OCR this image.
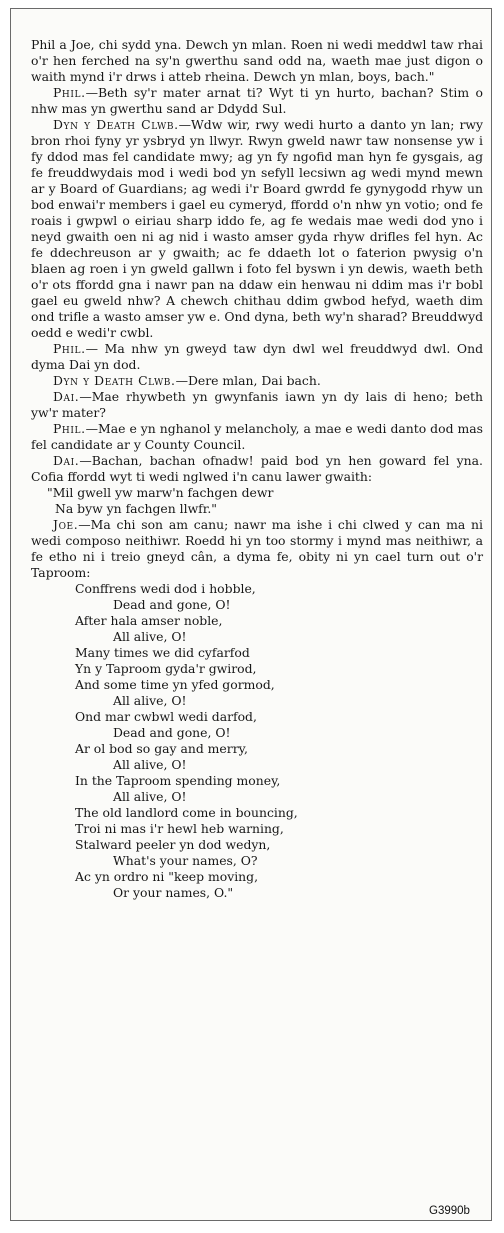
Phil a Joe, chi sydd yna. Dewch yn mlan. Roen ni wedi meddwl taw rhai o'r hen ferched na sy'n gwerthu sand odd na, waeth mae just digon o waith mynd i'r drws i atteb rheina. Dewch yn mlan, boys, bach."

Phil.—Beth sy'r mater arnat ti? Wyt ti yn hurto, bachan? Stim o nhw mas yn gwerthu sand ar Ddydd Sul.

Dyn y Death Clwb.—Wdw wir, rwy wedi hurto a danto yn lan; rwy bron rhoi fyny yr ysbryd yn llwyr. Rwyn gweld nawr taw nonsense yw i fy ddod mas fel candidate mwy; ag yn fy ngofid man hyn fe gysgais, ag fe freuddwydais mod i wedi bod yn sefyll lecsiwn ag wedi mynd mewn ar y Board of Guardians; ag wedi i'r Board gwrdd fe gynygodd rhyw un bod enwai'r members i gael eu cymeryd, ffordd o'n nhw yn votio; ond fe roais i gwpwl o eiriau sharp iddo fe, ag fe wedais mae wedi dod yno i neyd gwaith oen ni ag nid i wasto amser gyda rhyw drifles fel hyn. Ac fe ddechreuson ar y gwaith; ac fe ddaeth lot o faterion pwysig o'n blaen ag roen i yn gweld gallwn i foto fel byswn i yn dewis, waeth beth o'r ots ffordd gna i nawr pan na ddaw ein henwau ni ddim mas i'r bobl gael eu gweld nhw? A chewch chithau ddim gwbod hefyd, waeth dim ond trifle a wasto amser yw e. Ond dyna, beth wy'n sharad? Breuddwyd oedd e wedi'r cwbl.

Phil.— Ma nhw yn gweyd taw dyn dwl wel freuddwyd dwl. Ond dyma Dai yn dod.

Dyn y Death Clwb.—Dere mlan, Dai bach.

Dai.—Mae rhywbeth yn gwynfanis iawn yn dy lais di heno; beth yw'r mater?

Phil.—Mae e yn nghanol y melancholy, a mae e wedi danto dod mas fel candidate ar y County Council.

Dai.—Bachan, bachan ofnadw! paid bod yn hen goward fel yna. Cofia ffordd wyt ti wedi nglwed i'n canu lawer gwaith:

"Mil gwell yw marw'n fachgen dewr
Na byw yn fachgen llwfr."

Joe.—Ma chi son am canu; nawr ma ishe i chi clwed y can ma ni wedi composo neithiwr. Roedd hi yn too stormy i mynd mas neithiwr, a fe etho ni i treio gneyd cân, a dyma fe, obity ni yn cael turn out o'r Taproom:

Conffrens wedi dod i hobble,
Dead and gone, O!
After hala amser noble,
All alive, O!
Many times we did cyfarfod
Yn y Taproom gyda'r gwirod,
And some time yn yfed gormod,
All alive, O!
Ond mar cwbwl wedi darfod,
Dead and gone, O!
Ar ol bod so gay and merry,
All alive, O!
In the Taproom spending money,
All alive, O!
The old landlord come in bouncing,
Troi ni mas i'r hewl heb warning,
Stalward peeler yn dod wedyn,
What's your names, O?
Ac yn ordro ni "keep moving,
Or your names, O."
G3990b
